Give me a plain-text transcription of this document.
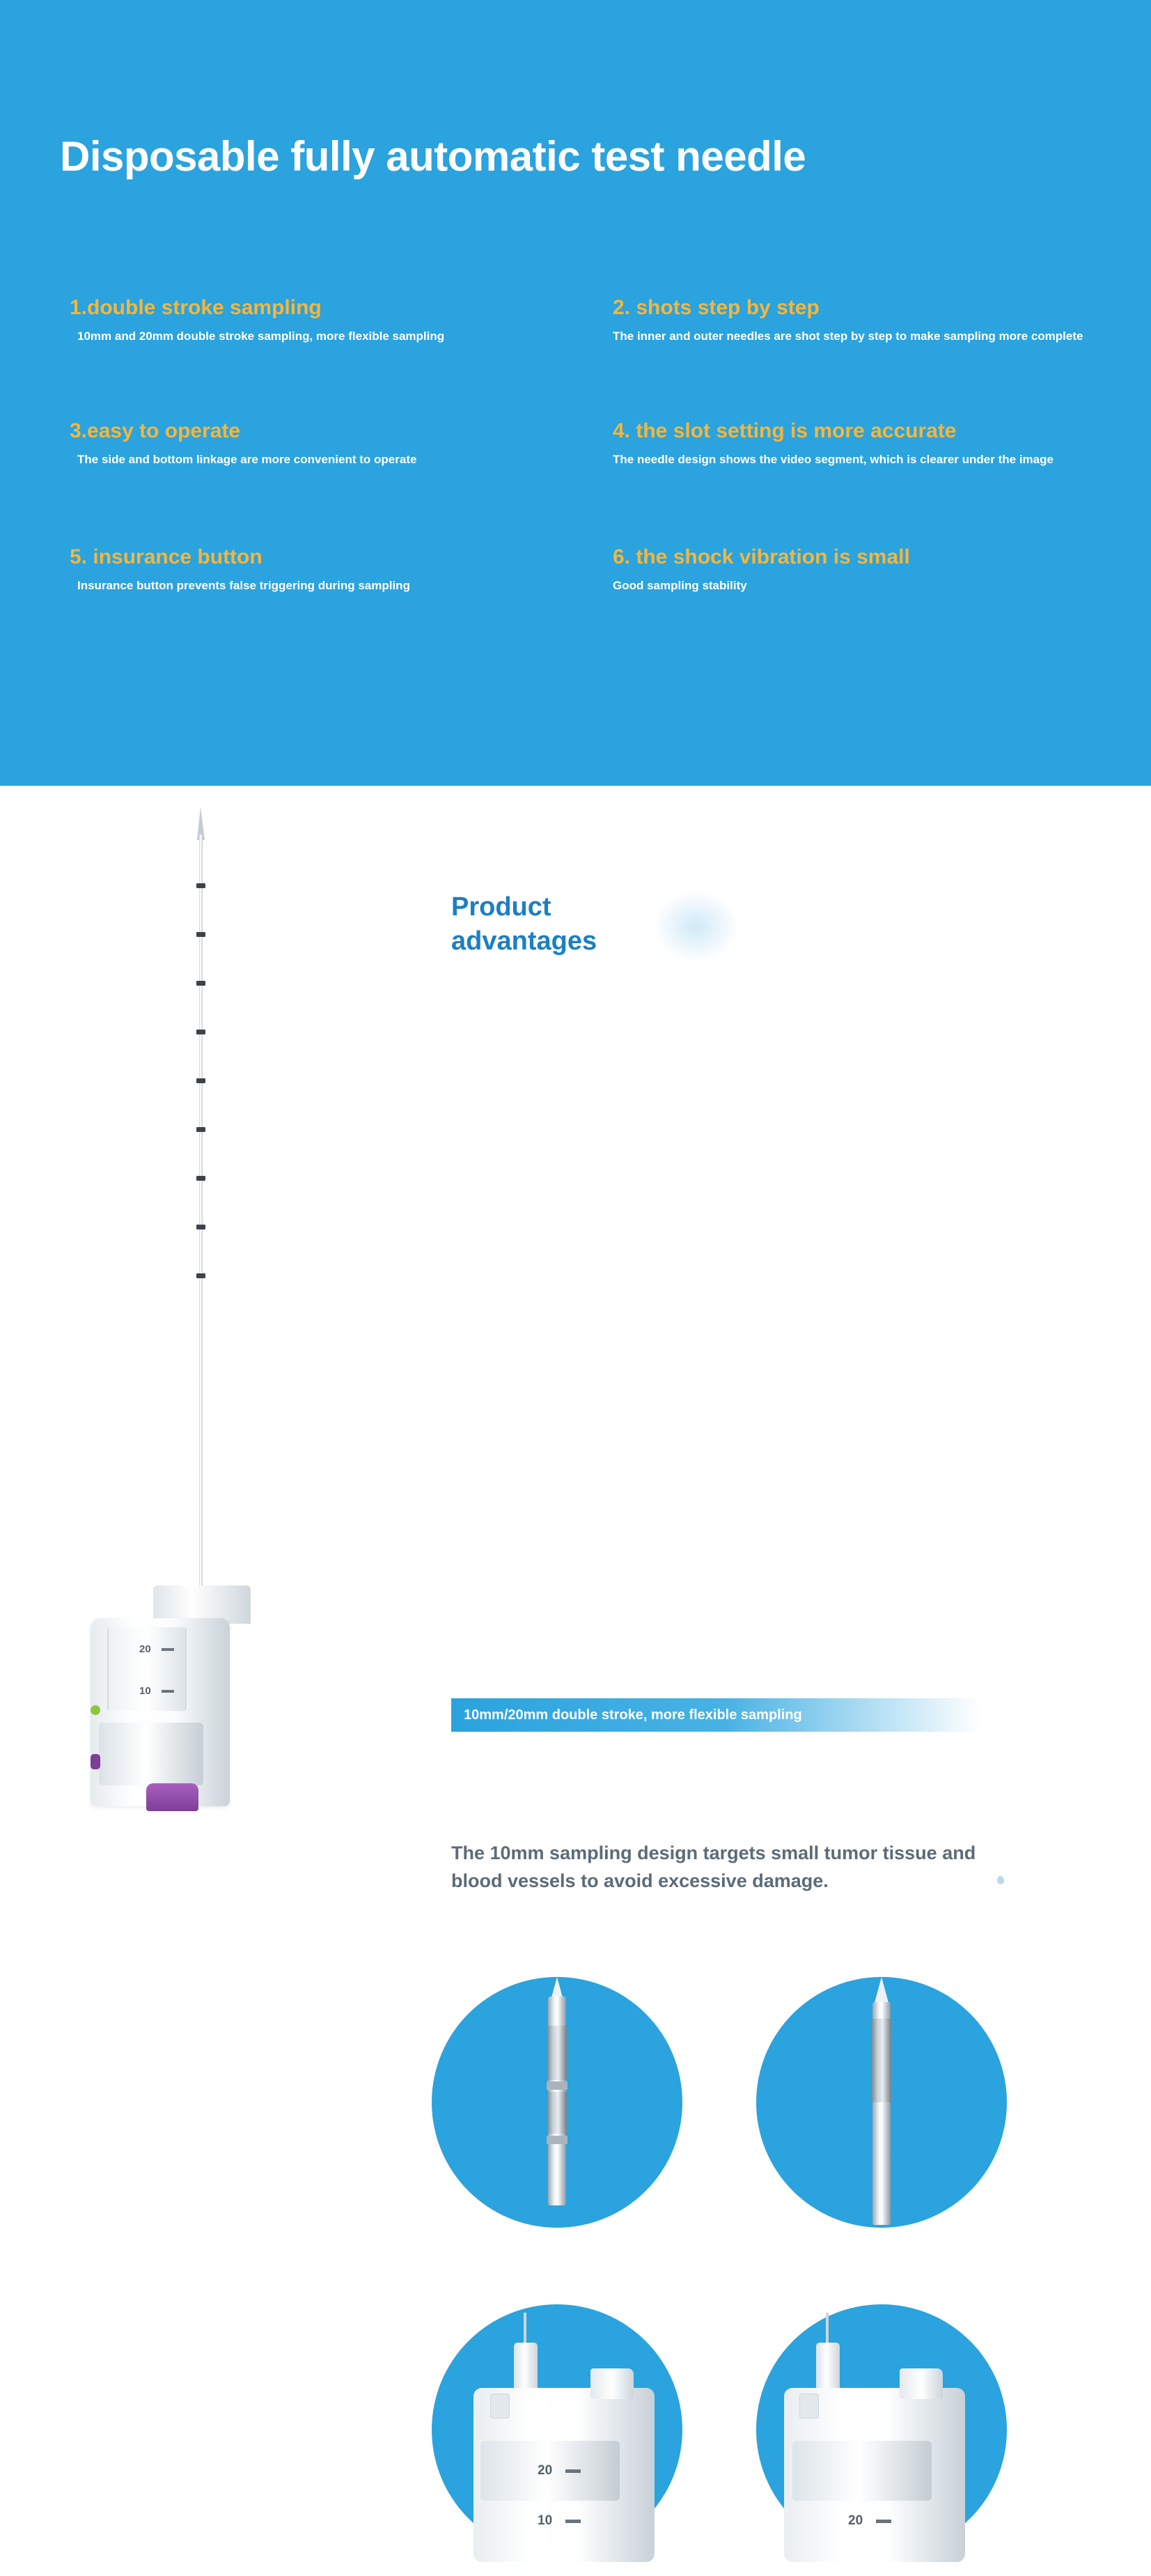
Disposable fully automatic test needle
1.double stroke sampling
10mm and 20mm double stroke sampling, more flexible sampling
2. shots step by step
The inner and outer needles are shot step by step to make sampling more complete
3.easy to operate
The side and bottom linkage are more convenient to operate
4. the slot setting is more accurate
The needle design shows the video segment, which is clearer under the image
5. insurance button
Insurance button prevents false triggering during sampling
6. the shock vibration is small
Good sampling stability
20
10
Product
advantages
10mm/20mm double stroke, more flexible sampling
The 10mm sampling design targets small tumor tissue and blood vessels to avoid excessive damage.
20
10	20
